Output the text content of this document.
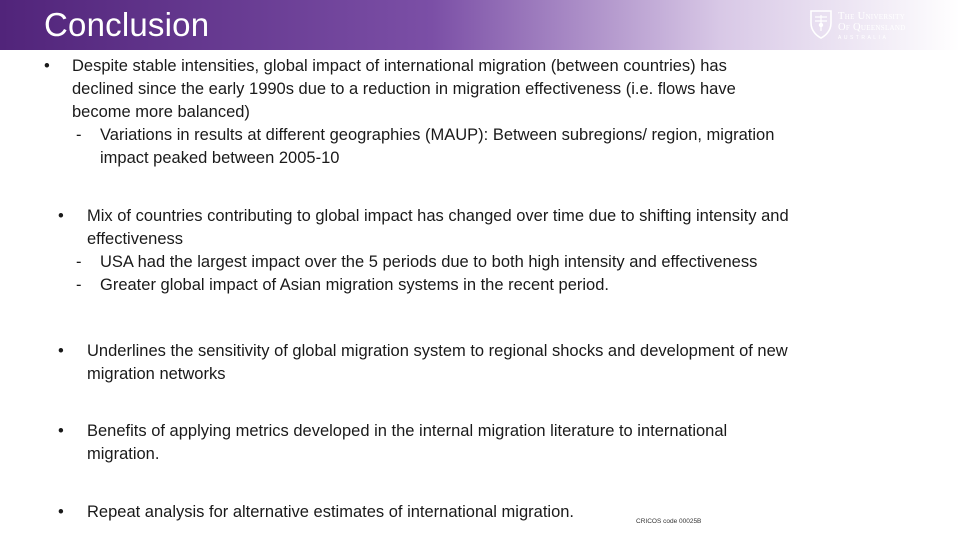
Conclusion	The University
Of Queensland
AUSTRALIA
• Despite stable intensities, global impact of international migration (between countries) has
declined since the early 1990s due to a reduction in migration effectiveness (i.e. flows have
become more balanced)
- Variations in results at different geographies (MAUP): Between subregions/ region, migration
impact peaked between 2005-10
• Mix of countries contributing to global impact has changed over time due to shifting intensity and
effectiveness
- USA had the largest impact over the 5 periods due to both high intensity and effectiveness
- Greater global impact of Asian migration systems in the recent period.
• Underlines the sensitivity of global migration system to regional shocks and development of new
migration networks
• Benefits of applying metrics developed in the internal migration literature to international
migration.
• Repeat analysis for alternative estimates of international migration.
CRICOS code 00025B
